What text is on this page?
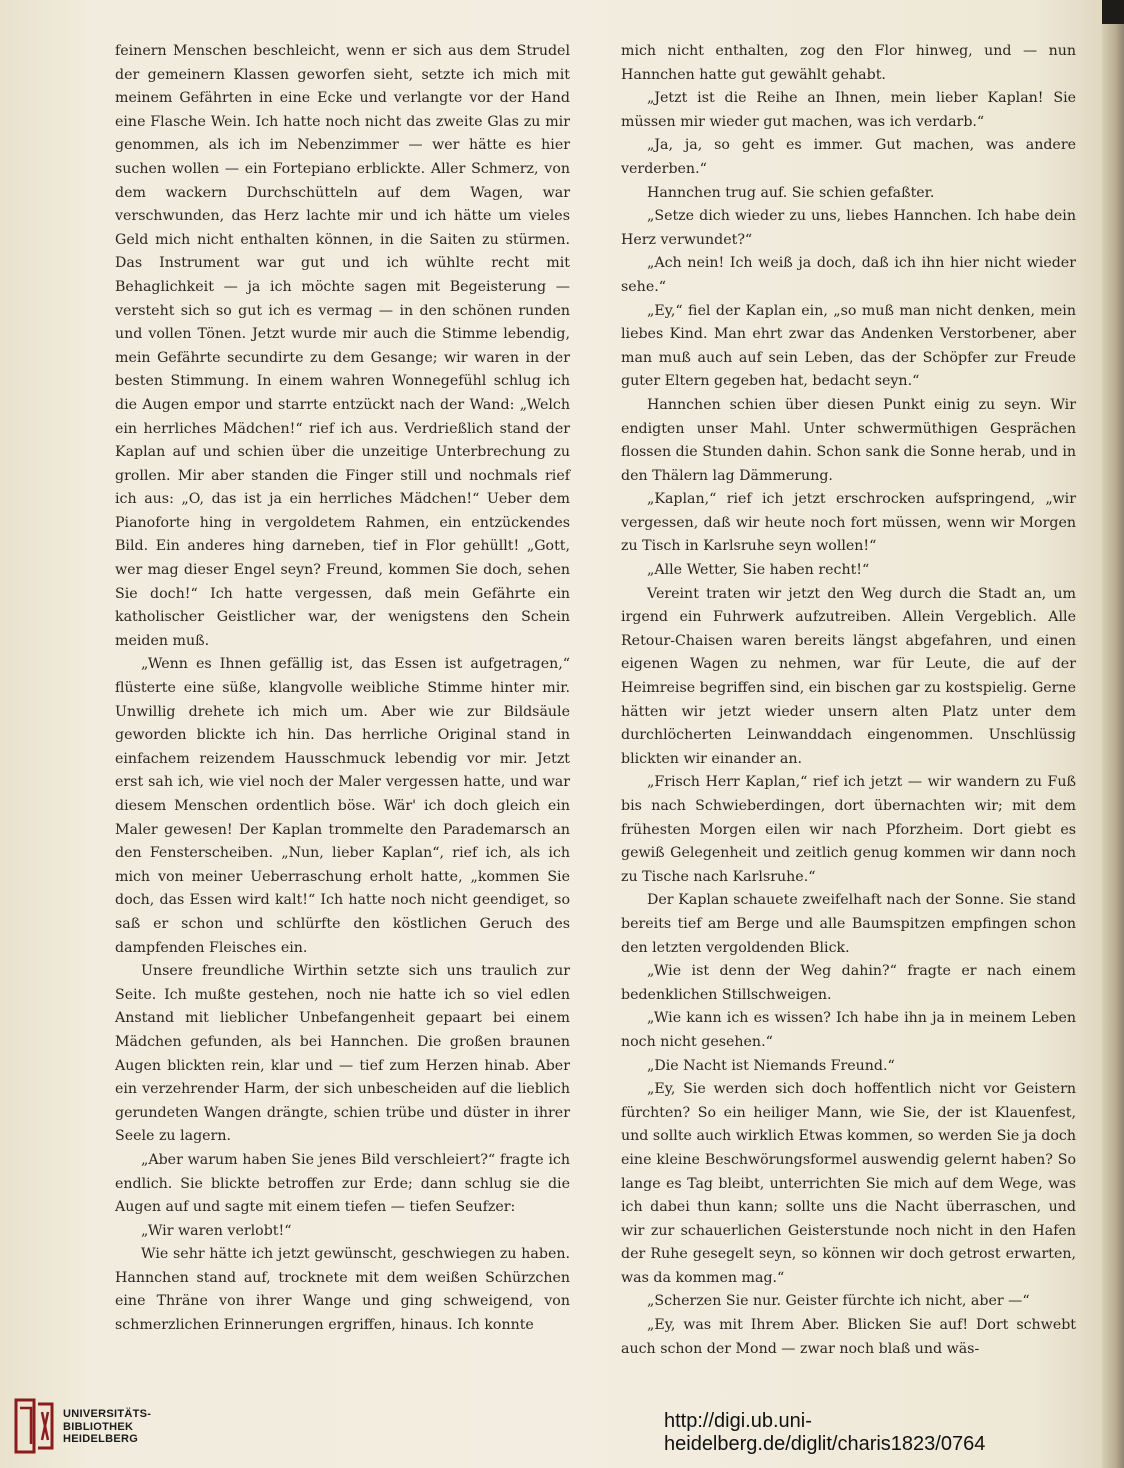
feinern Menschen beschleicht, wenn er sich aus dem Strudel der gemeinern Klassen geworfen sieht, setzte ich mich mit meinem Gefährten in eine Ecke und verlangte vor der Hand eine Flasche Wein. Ich hatte noch nicht das zweite Glas zu mir genommen, als ich im Nebenzimmer — wer hätte es hier suchen wollen — ein Fortepiano erblickte. Aller Schmerz, von dem wackern Durchschütteln auf dem Wagen, war verschwunden, das Herz lachte mir und ich hätte um vieles Geld mich nicht enthalten können, in die Saiten zu stürmen. Das Instrument war gut und ich wühlte recht mit Behaglichkeit — ja ich möchte sagen mit Begeisterung — versteht sich so gut ich es vermag — in den schönen runden und vollen Tönen. Jetzt wurde mir auch die Stimme lebendig, mein Gefährte secundirte zu dem Gesange; wir waren in der besten Stimmung. In einem wahren Wonnegefühl schlug ich die Augen empor und starrte entzückt nach der Wand: „Welch ein herrliches Mädchen!“ rief ich aus. Verdrießlich stand der Kaplan auf und schien über die unzeitige Unterbrechung zu grollen. Mir aber standen die Finger still und nochmals rief ich aus: „O, das ist ja ein herrliches Mädchen!“ Ueber dem Pianoforte hing in vergoldetem Rahmen, ein entzückendes Bild. Ein anderes hing darneben, tief in Flor gehüllt! „Gott, wer mag dieser Engel seyn? Freund, kommen Sie doch, sehen Sie doch!“ Ich hatte vergessen, daß mein Gefährte ein katholischer Geistlicher war, der wenigstens den Schein meiden muß.

„Wenn es Ihnen gefällig ist, das Essen ist aufgetragen,“ flüsterte eine süße, klangvolle weibliche Stimme hinter mir. Unwillig drehete ich mich um. Aber wie zur Bildsäule geworden blickte ich hin. Das herrliche Original stand in einfachem reizendem Hausschmuck lebendig vor mir. Jetzt erst sah ich, wie viel noch der Maler vergessen hatte, und war diesem Menschen ordentlich böse. Wär' ich doch gleich ein Maler gewesen! Der Kaplan trommelte den Parademarsch an den Fensterscheiben. „Nun, lieber Kaplan“, rief ich, als ich mich von meiner Ueberraschung erholt hatte, „kommen Sie doch, das Essen wird kalt!“ Ich hatte noch nicht geendiget, so saß er schon und schlürfte den köstlichen Geruch des dampfenden Fleisches ein.

Unsere freundliche Wirthin setzte sich uns traulich zur Seite. Ich mußte gestehen, noch nie hatte ich so viel edlen Anstand mit lieblicher Unbefangenheit gepaart bei einem Mädchen gefunden, als bei Hannchen. Die großen braunen Augen blickten rein, klar und — tief zum Herzen hinab. Aber ein verzehrender Harm, der sich unbescheiden auf die lieblich gerundeten Wangen drängte, schien trübe und düster in ihrer Seele zu lagern.

„Aber warum haben Sie jenes Bild verschleiert?“ fragte ich endlich. Sie blickte betroffen zur Erde; dann schlug sie die Augen auf und sagte mit einem tiefen — tiefen Seufzer:

„Wir waren verlobt!“

Wie sehr hätte ich jetzt gewünscht, geschwiegen zu haben. Hannchen stand auf, trocknete mit dem weißen Schürzchen eine Thräne von ihrer Wange und ging schweigend, von schmerzlichen Erinnerungen ergriffen, hinaus. Ich konnte

mich nicht enthalten, zog den Flor hinweg, und — nun Hannchen hatte gut gewählt gehabt.

„Jetzt ist die Reihe an Ihnen, mein lieber Kaplan! Sie müssen mir wieder gut machen, was ich verdarb.“

„Ja, ja, so geht es immer. Gut machen, was andere verderben.“

Hannchen trug auf. Sie schien gefaßter.

„Setze dich wieder zu uns, liebes Hannchen. Ich habe dein Herz verwundet?“

„Ach nein! Ich weiß ja doch, daß ich ihn hier nicht wieder sehe.“

„Ey,“ fiel der Kaplan ein, „so muß man nicht denken, mein liebes Kind. Man ehrt zwar das Andenken Verstorbener, aber man muß auch auf sein Leben, das der Schöpfer zur Freude guter Eltern gegeben hat, bedacht seyn.“

Hannchen schien über diesen Punkt einig zu seyn. Wir endigten unser Mahl. Unter schwermüthigen Gesprächen flossen die Stunden dahin. Schon sank die Sonne herab, und in den Thälern lag Dämmerung.

„Kaplan,“ rief ich jetzt erschrocken aufspringend, „wir vergessen, daß wir heute noch fort müssen, wenn wir Morgen zu Tisch in Karlsruhe seyn wollen!“

„Alle Wetter, Sie haben recht!“

Vereint traten wir jetzt den Weg durch die Stadt an, um irgend ein Fuhrwerk aufzutreiben. Allein Vergeblich. Alle Retour-Chaisen waren bereits längst abgefahren, und einen eigenen Wagen zu nehmen, war für Leute, die auf der Heimreise begriffen sind, ein bischen gar zu kostspielig. Gerne hätten wir jetzt wieder unsern alten Platz unter dem durchlöcherten Leinwanddach eingenommen. Unschlüssig blickten wir einander an.

„Frisch Herr Kaplan,“ rief ich jetzt — wir wandern zu Fuß bis nach Schwieberdingen, dort übernachten wir; mit dem frühesten Morgen eilen wir nach Pforzheim. Dort giebt es gewiß Gelegenheit und zeitlich genug kommen wir dann noch zu Tische nach Karlsruhe.“

Der Kaplan schauete zweifelhaft nach der Sonne. Sie stand bereits tief am Berge und alle Baumspitzen empfingen schon den letzten vergoldenden Blick.

„Wie ist denn der Weg dahin?“ fragte er nach einem bedenklichen Stillschweigen.

„Wie kann ich es wissen? Ich habe ihn ja in meinem Leben noch nicht gesehen.“

„Die Nacht ist Niemands Freund.“

„Ey, Sie werden sich doch hoffentlich nicht vor Geistern fürchten? So ein heiliger Mann, wie Sie, der ist Klauenfest, und sollte auch wirklich Etwas kommen, so werden Sie ja doch eine kleine Beschwörungsformel auswendig gelernt haben? So lange es Tag bleibt, unterrichten Sie mich auf dem Wege, was ich dabei thun kann; sollte uns die Nacht überraschen, und wir zur schauerlichen Geisterstunde noch nicht in den Hafen der Ruhe gesegelt seyn, so können wir doch getrost erwarten, was da kommen mag.“

„Scherzen Sie nur. Geister fürchte ich nicht, aber —“

„Ey, was mit Ihrem Aber. Blicken Sie auf! Dort schwebt auch schon der Mond — zwar noch blaß und wäs-

UNIVERSITÄTS-
BIBLIOTHEK
HEIDELBERG
http://digi.ub.uni-heidelberg.de/diglit/charis1823/0764
